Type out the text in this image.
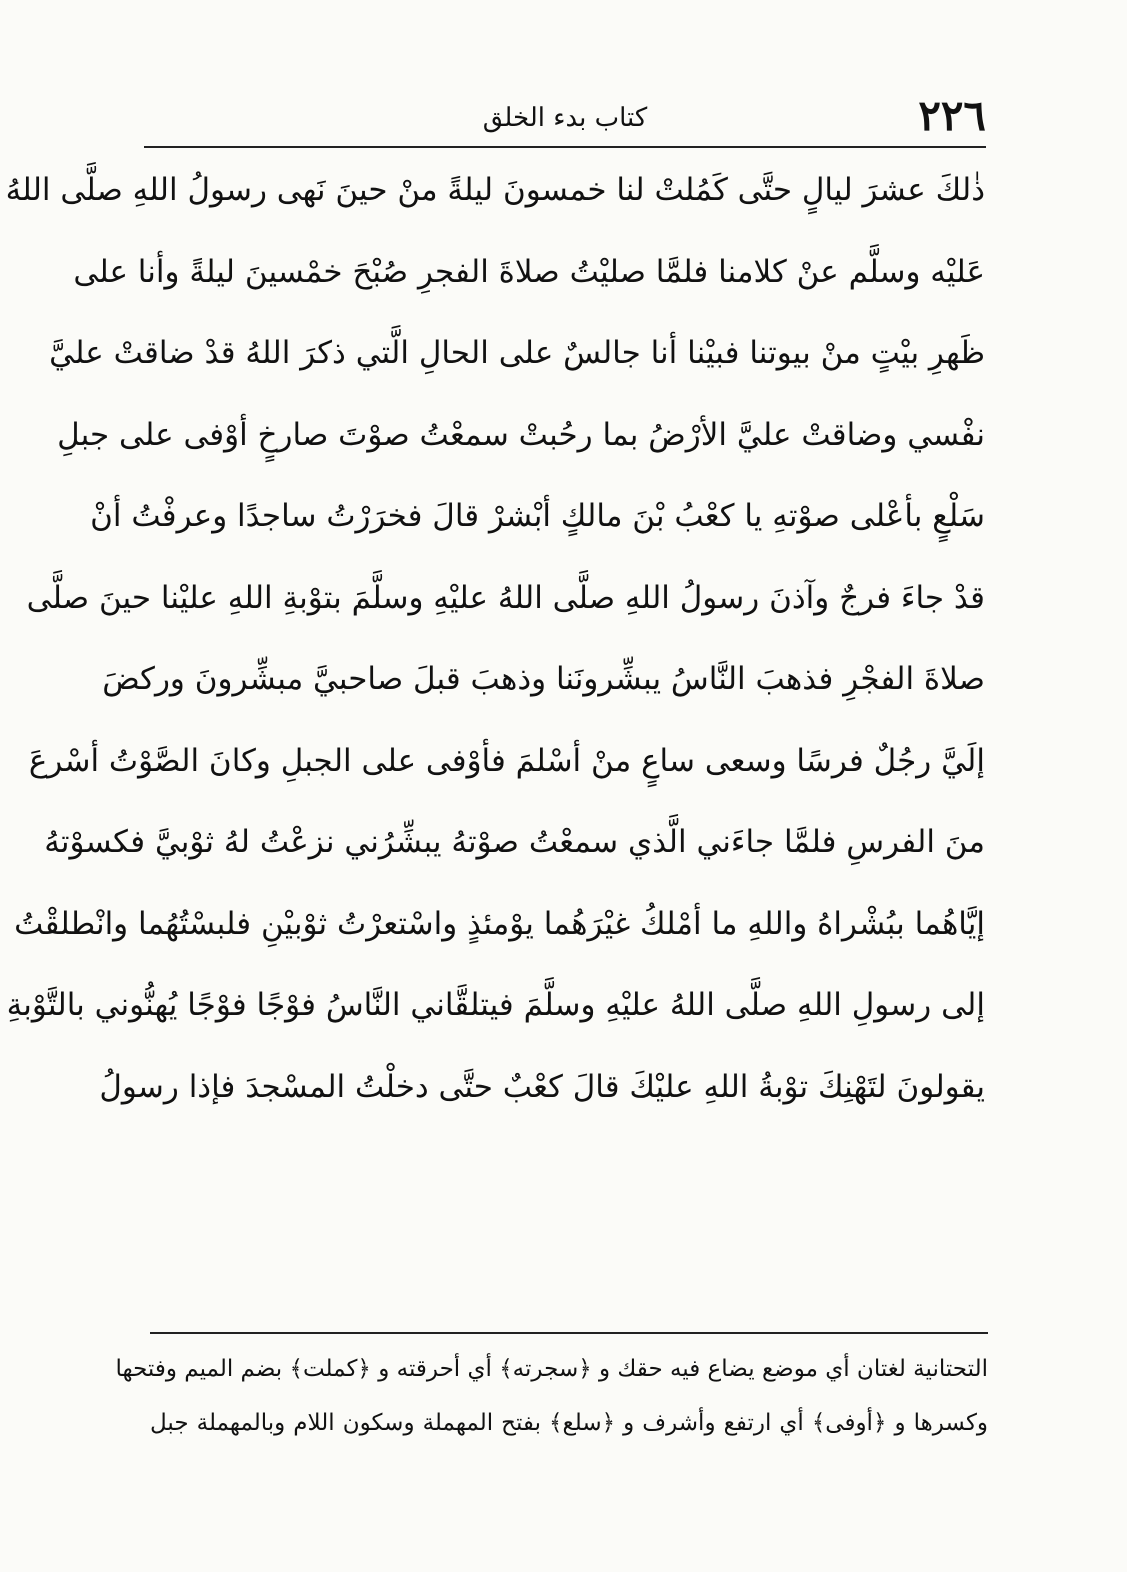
٢٢٦
كتاب بدء الخلق
ذٰلكَ عشرَ ليالٍ حتَّى كَمُلتْ لنا خمسونَ ليلةً منْ حينَ نَهى رسولُ اللهِ صلَّى اللهُ
عَليْه وسلَّم عنْ كلامنا فلمَّا صليْتُ صلاةَ الفجرِ صُبْحَ خمْسينَ ليلةً وأنا على
ظَهرِ بيْتٍ منْ بيوتنا فبيْنا أنا جالسٌ على الحالِ الَّتي ذكرَ اللهُ قدْ ضاقتْ عليَّ
نفْسي وضاقتْ عليَّ الأرْضُ بما رحُبتْ سمعْتُ صوْتَ صارخٍ أوْفى على جبلِ
سَلْعٍ بأعْلى صوْتهِ يا كعْبُ بْنَ مالكٍ أبْشرْ قالَ فخرَرْتُ ساجدًا وعرفْتُ أنْ
قدْ جاءَ فرجٌ وآذنَ رسولُ اللهِ صلَّى اللهُ عليْهِ وسلَّمَ بتوْبةِ اللهِ عليْنا حينَ صلَّى
صلاةَ الفجْرِ فذهبَ النَّاسُ يبشِّرونَنا وذهبَ قبلَ صاحبيَّ مبشِّرونَ وركضَ
إلَيَّ رجُلٌ فرسًا وسعى ساعٍ منْ أسْلمَ فأوْفى على الجبلِ وكانَ الصَّوْتُ أسْرعَ
منَ الفرسِ فلمَّا جاءَني الَّذي سمعْتُ صوْتهُ يبشِّرُني نزعْتُ لهُ ثوْبيَّ فكسوْتهُ
إيَّاهُما ببُشْراهُ واللهِ ما أمْلكُ غيْرَهُما يوْمئذٍ واسْتعرْتُ ثوْبيْنِ فلبسْتُهُما وانْطلقْتُ
إلى رسولِ اللهِ صلَّى اللهُ عليْهِ وسلَّمَ فيتلقَّاني النَّاسُ فوْجًا فوْجًا يُهنُّوني بالتَّوْبةِ
يقولونَ لتَهْنِكَ توْبةُ اللهِ عليْكَ قالَ كعْبٌ حتَّى دخلْتُ المسْجدَ فإذا رسولُ
التحتانية لغتان أي موضع يضاع فيه حقك و ﴿سجرته﴾ أي أحرقته و ﴿كملت﴾ بضم الميم وفتحها
وكسرها و ﴿أوفى﴾ أي ارتفع وأشرف و ﴿سلع﴾ بفتح المهملة وسكون اللام وبالمهملة جبل
